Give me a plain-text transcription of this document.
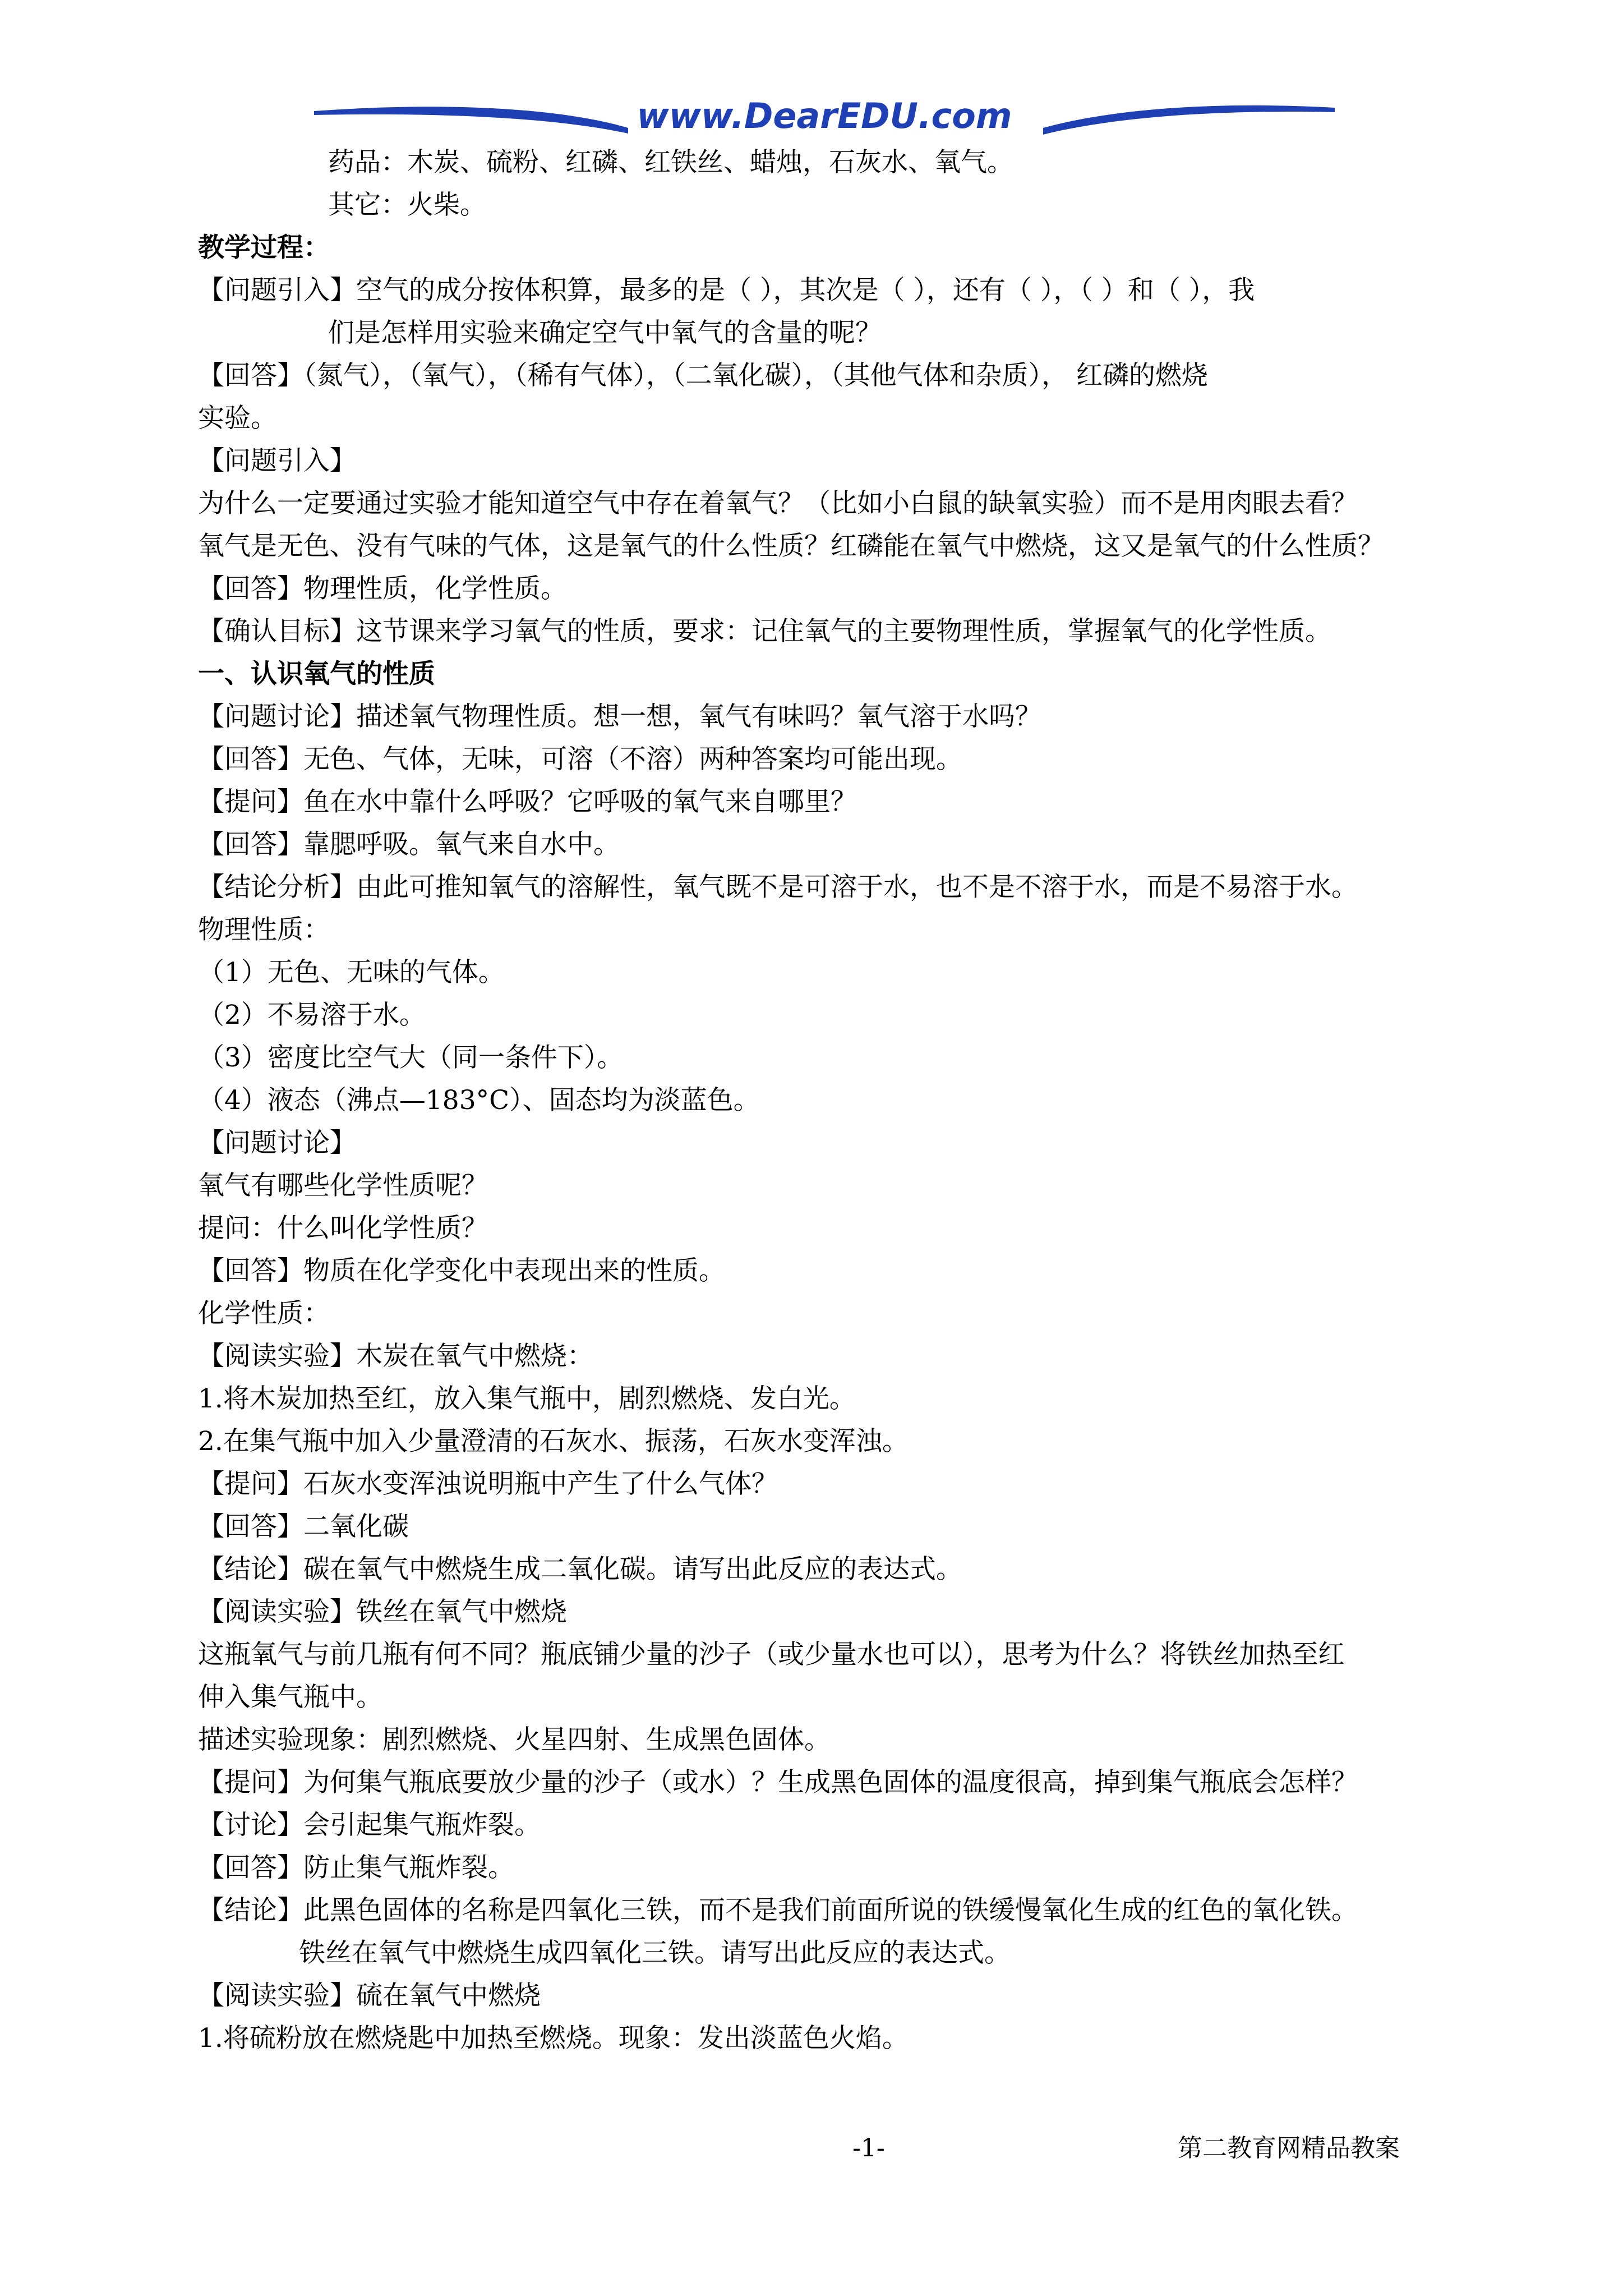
www.DearEDU.com
药品：木炭、硫粉、红磷、红铁丝、蜡烛，石灰水、氧气。
其它：火柴。
教学过程：
【问题引入】空气的成分按体积算，最多的是（ ），其次是（ ），还有（ ），（ ）和（ ），我
们是怎样用实验来确定空气中氧气的含量的呢？
【回答】（氮气），（氧气），（稀有气体），（二氧化碳），（其他气体和杂质）， 红磷的燃烧
实验。
【问题引入】
为什么一定要通过实验才能知道空气中存在着氧气？（比如小白鼠的缺氧实验）而不是用肉眼去看？
氧气是无色、没有气味的气体，这是氧气的什么性质？红磷能在氧气中燃烧，这又是氧气的什么性质？
【回答】物理性质，化学性质。
【确认目标】这节课来学习氧气的性质，要求：记住氧气的主要物理性质，掌握氧气的化学性质。
一、认识氧气的性质
【问题讨论】描述氧气物理性质。想一想，氧气有味吗？氧气溶于水吗？
【回答】无色、气体，无味，可溶（不溶）两种答案均可能出现。
【提问】鱼在水中靠什么呼吸？它呼吸的氧气来自哪里？
【回答】靠腮呼吸。氧气来自水中。
【结论分析】由此可推知氧气的溶解性，氧气既不是可溶于水，也不是不溶于水，而是不易溶于水。
物理性质：
（1）无色、无味的气体。
（2）不易溶于水。
（3）密度比空气大（同一条件下）。
（4）液态（沸点—183°C）、固态均为淡蓝色。
【问题讨论】
氧气有哪些化学性质呢？
提问：什么叫化学性质？
【回答】物质在化学变化中表现出来的性质。
化学性质：
【阅读实验】木炭在氧气中燃烧：
1.将木炭加热至红，放入集气瓶中，剧烈燃烧、发白光。
2.在集气瓶中加入少量澄清的石灰水、振荡，石灰水变浑浊。
【提问】石灰水变浑浊说明瓶中产生了什么气体？
【回答】二氧化碳
【结论】碳在氧气中燃烧生成二氧化碳。请写出此反应的表达式。
【阅读实验】铁丝在氧气中燃烧
这瓶氧气与前几瓶有何不同？瓶底铺少量的沙子（或少量水也可以），思考为什么？将铁丝加热至红
伸入集气瓶中。
描述实验现象：剧烈燃烧、火星四射、生成黑色固体。
【提问】为何集气瓶底要放少量的沙子（或水）？生成黑色固体的温度很高，掉到集气瓶底会怎样？
【讨论】会引起集气瓶炸裂。
【回答】防止集气瓶炸裂。
【结论】此黑色固体的名称是四氧化三铁，而不是我们前面所说的铁缓慢氧化生成的红色的氧化铁。
铁丝在氧气中燃烧生成四氧化三铁。请写出此反应的表达式。
【阅读实验】硫在氧气中燃烧
1.将硫粉放在燃烧匙中加热至燃烧。现象：发出淡蓝色火焰。
-1-	第二教育网精品教案
